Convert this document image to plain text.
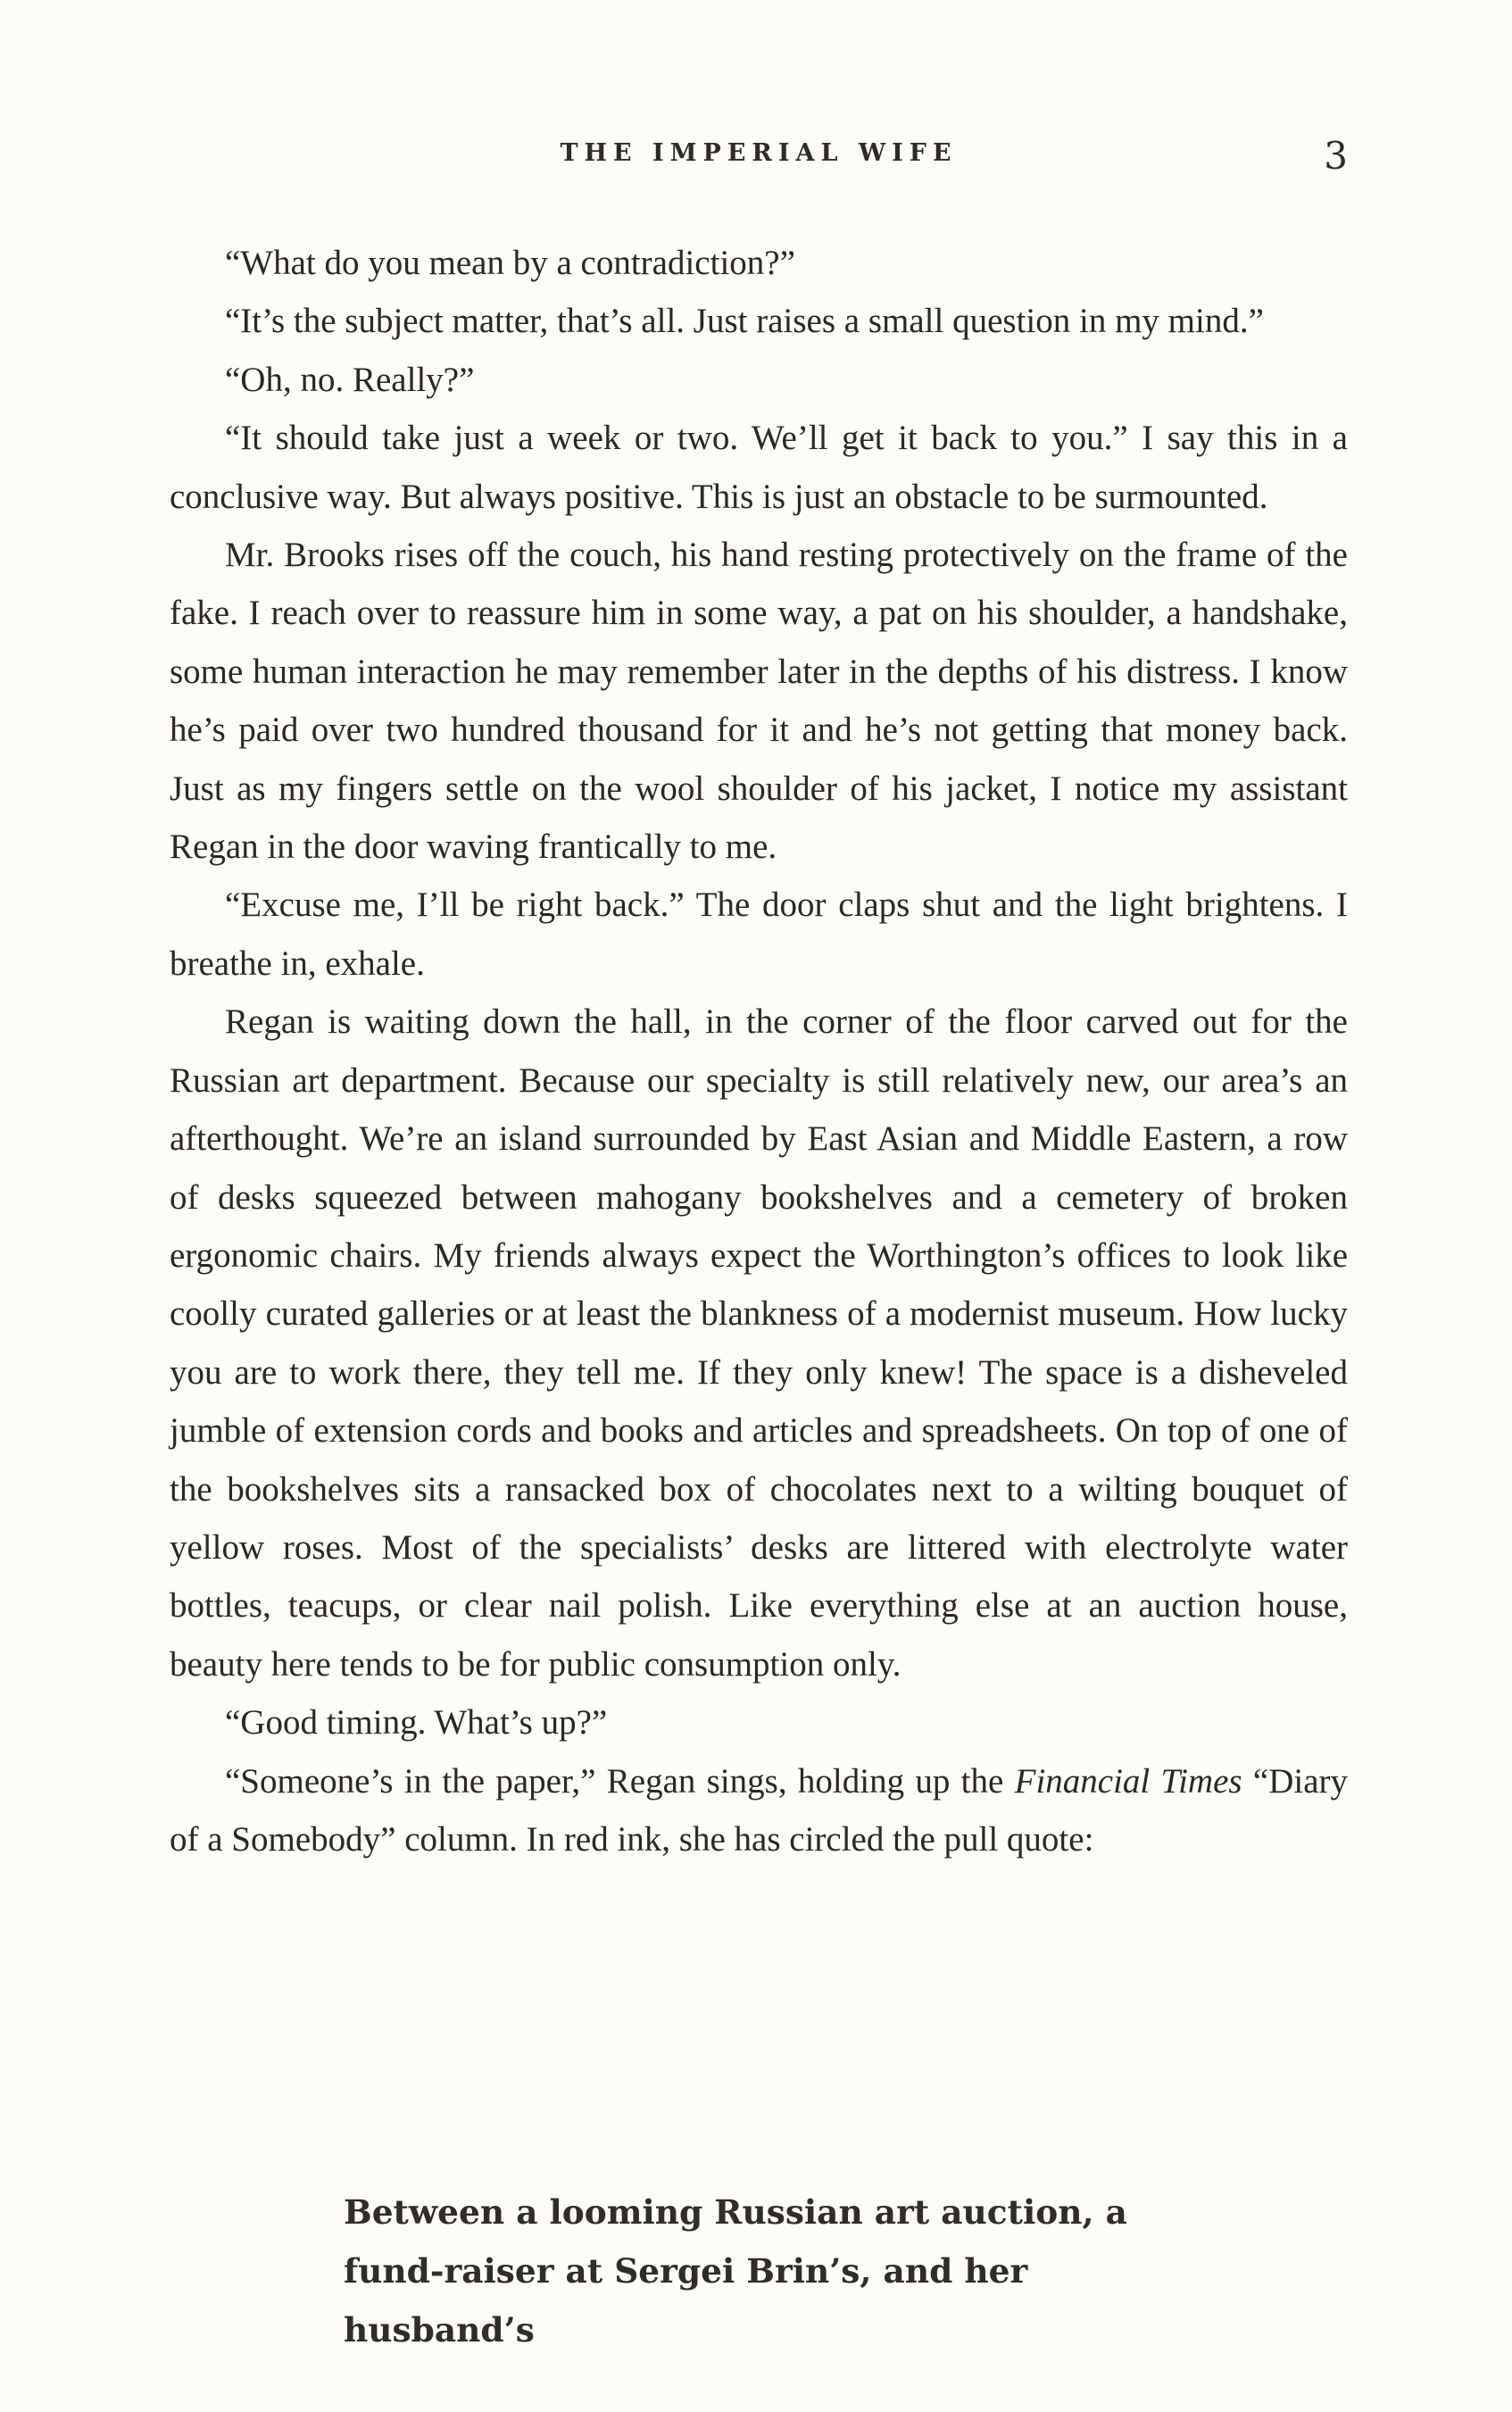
THE IMPERIAL WIFE	3

“What do you mean by a contradiction?”

“It’s the subject matter, that’s all. Just raises a small question in my mind.”

“Oh, no. Really?”

“It should take just a week or two. We’ll get it back to you.” I say this in a conclusive way. But always positive. This is just an obstacle to be surmounted.

Mr. Brooks rises off the couch, his hand resting protectively on the frame of the fake. I reach over to reassure him in some way, a pat on his shoulder, a handshake, some human interaction he may remember later in the depths of his distress. I know he’s paid over two hundred thousand for it and he’s not getting that money back. Just as my fingers settle on the wool shoulder of his jacket, I notice my assistant Regan in the door waving frantically to me.

“Excuse me, I’ll be right back.” The door claps shut and the light brightens. I breathe in, exhale.

Regan is waiting down the hall, in the corner of the floor carved out for the Russian art department. Because our specialty is still relatively new, our area’s an afterthought. We’re an island surrounded by East Asian and Middle Eastern, a row of desks squeezed between mahogany bookshelves and a cemetery of broken ergonomic chairs. My friends always expect the Worthington’s offices to look like coolly curated galleries or at least the blankness of a modernist museum. How lucky you are to work there, they tell me. If they only knew! The space is a disheveled jumble of extension cords and books and articles and spreadsheets. On top of one of the bookshelves sits a ransacked box of chocolates next to a wilting bouquet of yellow roses. Most of the specialists’ desks are littered with electrolyte water bottles, teacups, or clear nail polish. Like everything else at an auction house, beauty here tends to be for public consumption only.

“Good timing. What’s up?”

“Someone’s in the paper,” Regan sings, holding up the Financial Times “Diary of a Somebody” column. In red ink, she has circled the pull quote:

Between a looming Russian art auction, a
fund-raiser at Sergei Brin’s, and her husband’s
